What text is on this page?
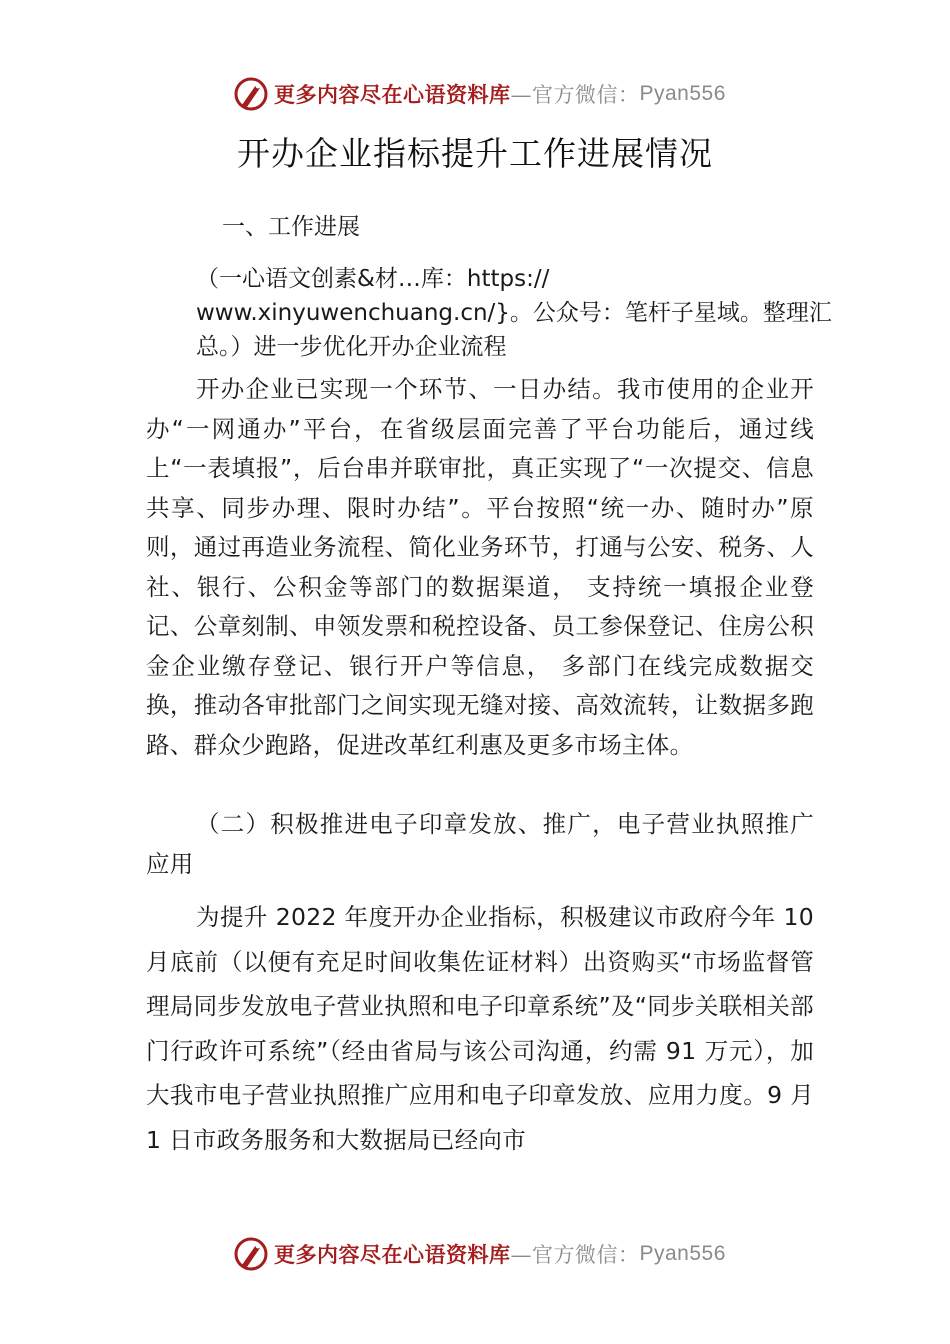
更多内容尽在心语资料库 —官方微信： Pyan556
开办企业指标提升工作进展情况
一、工作进展

（一心语文创素&材…库：https:// www.xinyuwenchuang.cn/}。公众号：笔杆子星域。整理汇总。）进一步优化开办企业流程

开办企业已实现一个环节、一日办结。我市使用的企业开办“一网通办”平台，在省级层面完善了平台功能后，通过线上“一表填报”，后台串并联审批，真正实现了“一次提交、信息共享、同步办理、限时办结”。平台按照“统一办、随时办”原则，通过再造业务流程、简化业务环节，打通与公安、税务、人社、银行、公积金等部门的数据渠道， 支持统一填报企业登记、公章刻制、申领发票和税控设备、员工参保登记、住房公积金企业缴存登记、银行开户等信息， 多部门在线完成数据交换，推动各审批部门之间实现无缝对接、高效流转，让数据多跑路、群众少跑路，促进改革红利惠及更多市场主体。

（二）积极推进电子印章发放、推广，电子营业执照推广应用

为提升 2022 年度开办企业指标，积极建议市政府今年 10 月底前（以便有充足时间收集佐证材料）出资购买“市场监督管理局同步发放电子营业执照和电子印章系统”及“同步关联相关部门行政许可系统”（经由省局与该公司沟通，约需 91 万元），加大我市电子营业执照推广应用和电子印章发放、应用力度。9 月 1 日市政务服务和大数据局已经向市

更多内容尽在心语资料库 —官方微信： Pyan556
